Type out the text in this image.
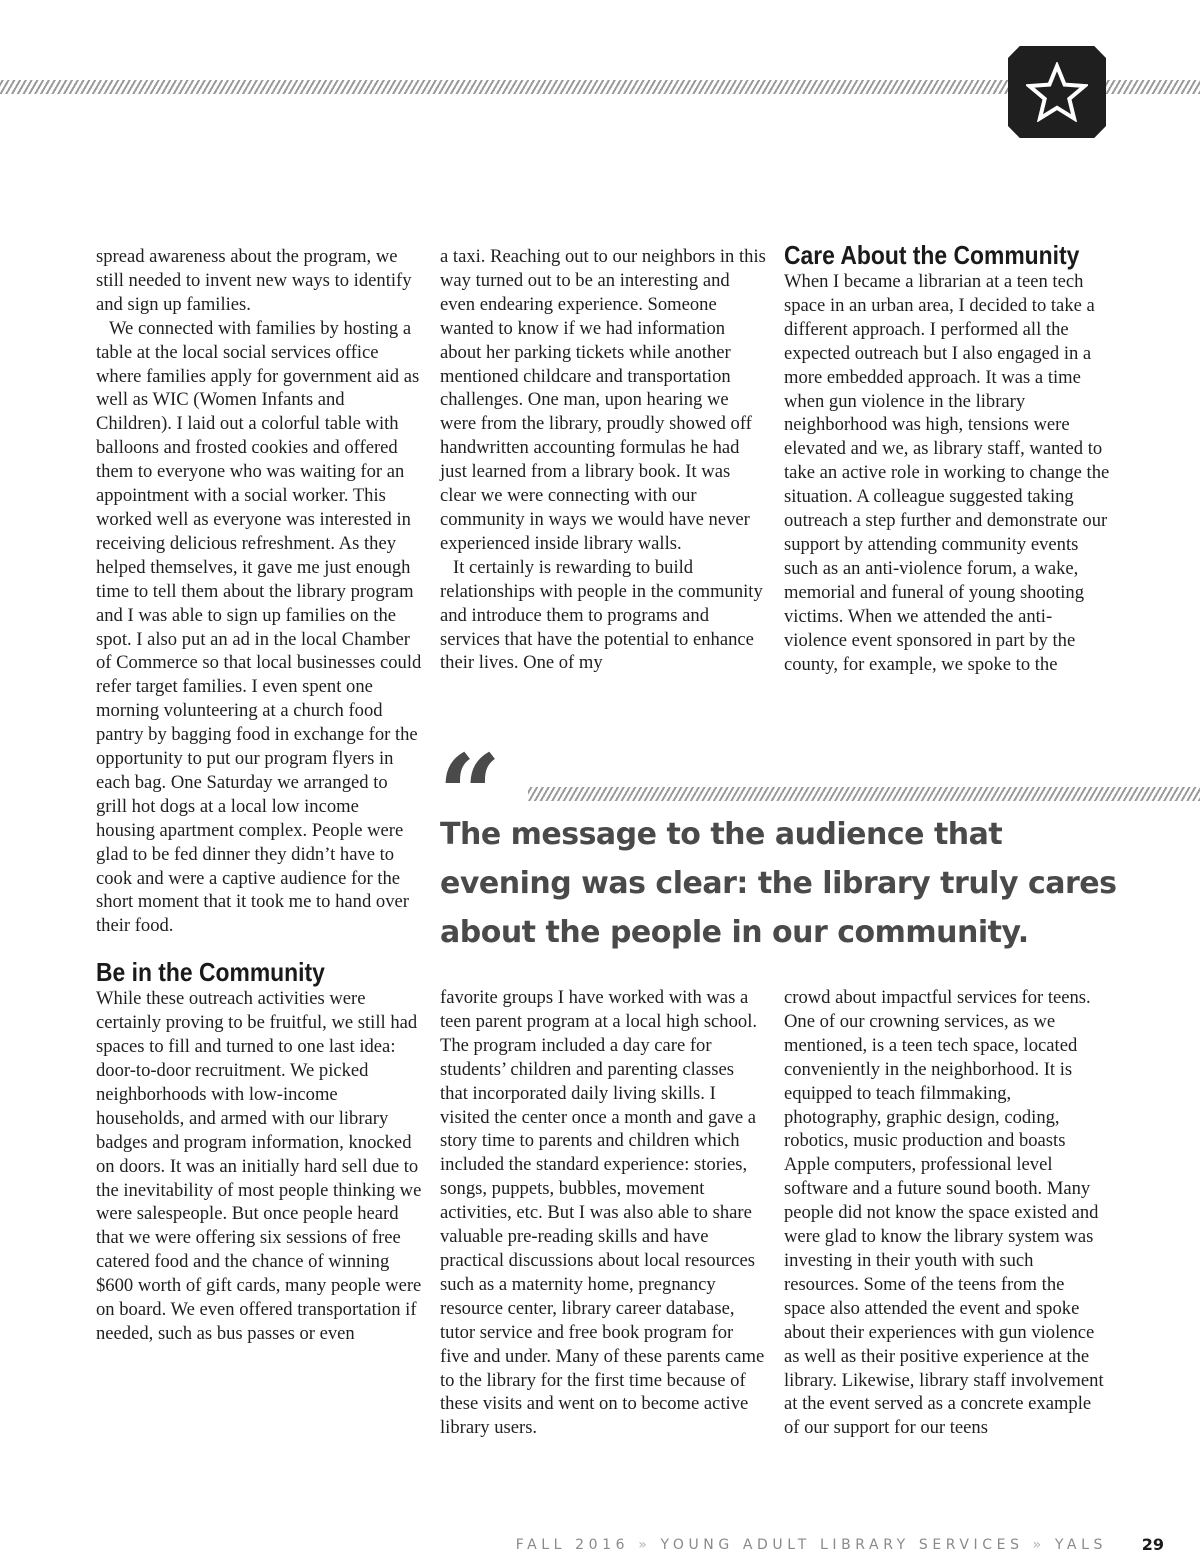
spread awareness about the program, we still needed to invent new ways to identify and sign up families.

We connected with families by hosting a table at the local social services office where families apply for government aid as well as WIC (Women Infants and Children). I laid out a colorful table with balloons and frosted cookies and offered them to everyone who was waiting for an appointment with a social worker. This worked well as everyone was interested in receiving delicious refreshment. As they helped themselves, it gave me just enough time to tell them about the library program and I was able to sign up families on the spot. I also put an ad in the local Chamber of Commerce so that local businesses could refer target families. I even spent one morning volunteering at a church food pantry by bagging food in exchange for the opportunity to put our program flyers in each bag. One Saturday we arranged to grill hot dogs at a local low income housing apartment complex. People were glad to be fed dinner they didn’t have to cook and were a captive audience for the short moment that it took me to hand over their food.

Be in the Community

While these outreach activities were certainly proving to be fruitful, we still had spaces to fill and turned to one last idea: door-to-door recruitment. We picked neighborhoods with low-income households, and armed with our library badges and program information, knocked on doors. It was an initially hard sell due to the inevitability of most people thinking we were salespeople. But once people heard that we were offering six sessions of free catered food and the chance of winning $600 worth of gift cards, many people were on board. We even offered transportation if needed, such as bus passes or even

a taxi. Reaching out to our neighbors in this way turned out to be an interesting and even endearing experience. Someone wanted to know if we had information about her parking tickets while another mentioned childcare and transportation challenges. One man, upon hearing we were from the library, proudly showed off handwritten accounting formulas he had just learned from a library book. It was clear we were connecting with our community in ways we would have never experienced inside library walls.

It certainly is rewarding to build relationships with people in the community and introduce them to programs and services that have the potential to enhance their lives. One of my

Care About the Community

When I became a librarian at a teen tech space in an urban area, I decided to take a different approach. I performed all the expected outreach but I also engaged in a more embedded approach. It was a time when gun violence in the library neighborhood was high, tensions were elevated and we, as library staff, wanted to take an active role in working to change the situation. A colleague suggested taking outreach a step further and demonstrate our support by attending community events such as an anti-violence forum, a wake, memorial and funeral of young shooting victims. When we attended the anti-violence event sponsored in part by the county, for example, we spoke to the

“

The message to the audience that evening was clear: the library truly cares about the people in our community.

favorite groups I have worked with was a teen parent program at a local high school. The program included a day care for students’ children and parenting classes that incorporated daily living skills. I visited the center once a month and gave a story time to parents and children which included the standard experience: stories, songs, puppets, bubbles, movement activities, etc. But I was also able to share valuable pre-reading skills and have practical discussions about local resources such as a maternity home, pregnancy resource center, library career database, tutor service and free book program for five and under. Many of these parents came to the library for the first time because of these visits and went on to become active library users.

crowd about impactful services for teens. One of our crowning services, as we mentioned, is a teen tech space, located conveniently in the neighborhood. It is equipped to teach filmmaking, photography, graphic design, coding, robotics, music production and boasts Apple computers, professional level software and a future sound booth. Many people did not know the space existed and were glad to know the library system was investing in their youth with such resources. Some of the teens from the space also attended the event and spoke about their experiences with gun violence as well as their positive experience at the library. Likewise, library staff involvement at the event served as a concrete example of our support for our teens

FALL 2016 » YOUNG ADULT LIBRARY SERVICES » YALS 29
